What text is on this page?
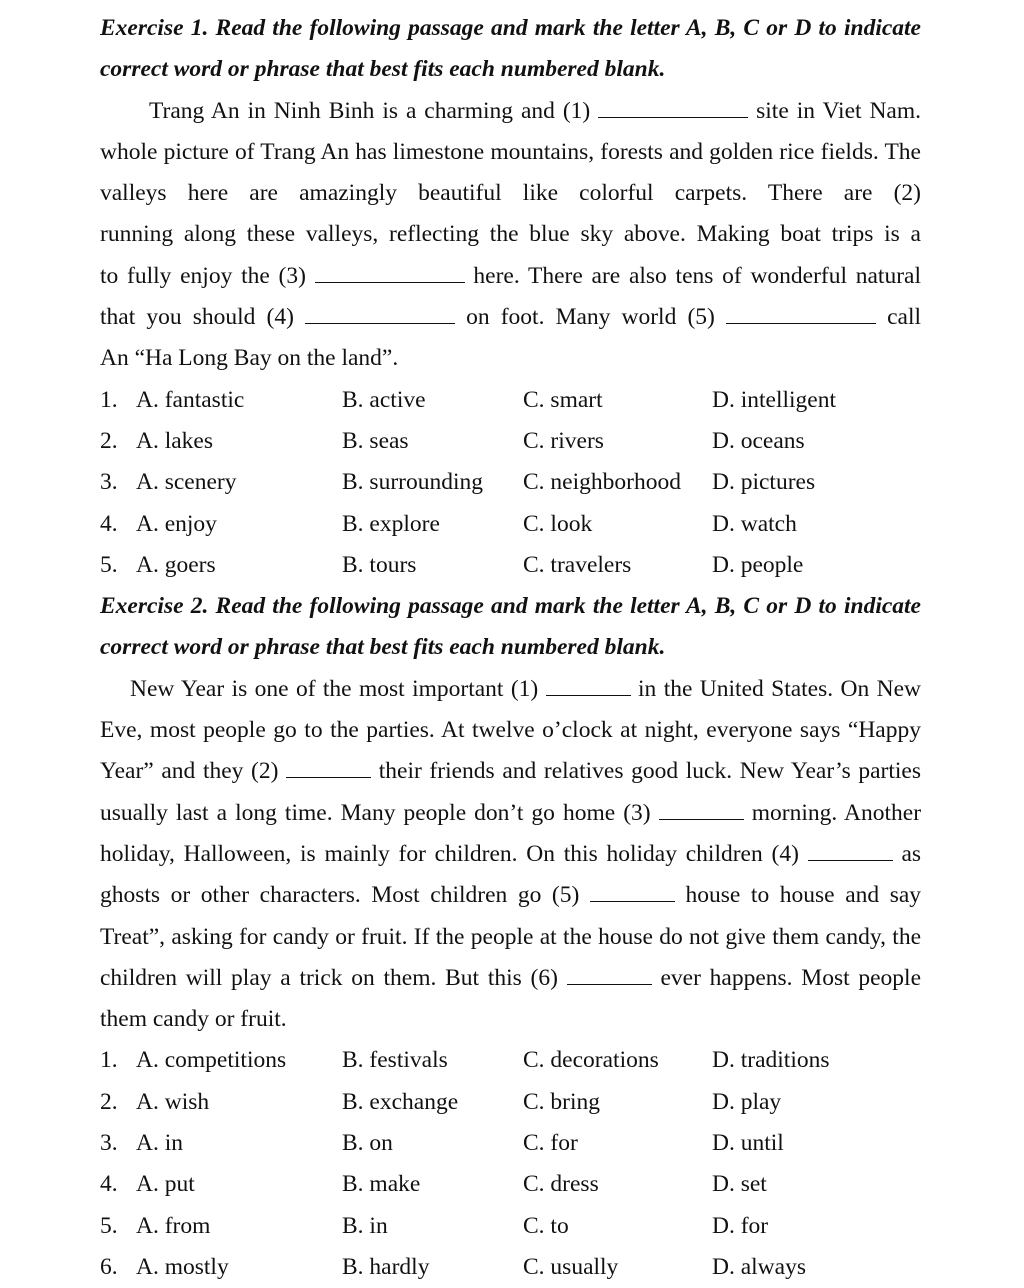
Exercise 1. Read the following passage and mark the letter A, B, C or D to indicate
correct word or phrase that best fits each numbered blank.
Trang An in Ninh Binh is a charming and (1)	site in Viet Nam.
whole picture of Trang An has limestone mountains, forests and golden rice fields. The
valleys here are amazingly beautiful like colorful carpets. There are (2)
running along these valleys, reflecting the blue sky above. Making boat trips is a
to fully enjoy the (3)	here. There are also tens of wonderful natural
that you should (4)	on foot. Many world (5)	call
An “Ha Long Bay on the land”.
1. A. fantastic	B. active	C. smart	D. intelligent
2. A. lakes	B. seas	C. rivers	D. oceans
3. A. scenery	B. surrounding C. neighborhood D. pictures
4. A. enjoy	B. explore	C. look	D. watch
5. A. goers	B. tours	C. travelers	D. people
Exercise 2. Read the following passage and mark the letter A, B, C or D to indicate
correct word or phrase that best fits each numbered blank.
New Year is one of the most important (1)	in the United States. On New
Eve, most people go to the parties. At twelve o’clock at night, everyone says “Happy
Year” and they (2)	their friends and relatives good luck. New Year’s parties
usually last a long time. Many people don’t go home (3)	morning. Another
holiday, Halloween, is mainly for children. On this holiday children (4)	as
ghosts or other characters. Most children go (5)	house to house and say
Treat”, asking for candy or fruit. If the people at the house do not give them candy, the
children will play a trick on them. But this (6)	ever happens. Most people
them candy or fruit.
1. A. competitions B. festivals	C. decorations D. traditions
2. A. wish	B. exchange	C. bring	D. play
3. A. in	B. on	C. for	D. until
4. A. put	B. make	C. dress	D. set
5. A. from	B. in	C. to	D. for
6. A. mostly	B. hardly	C. usually	D. always
